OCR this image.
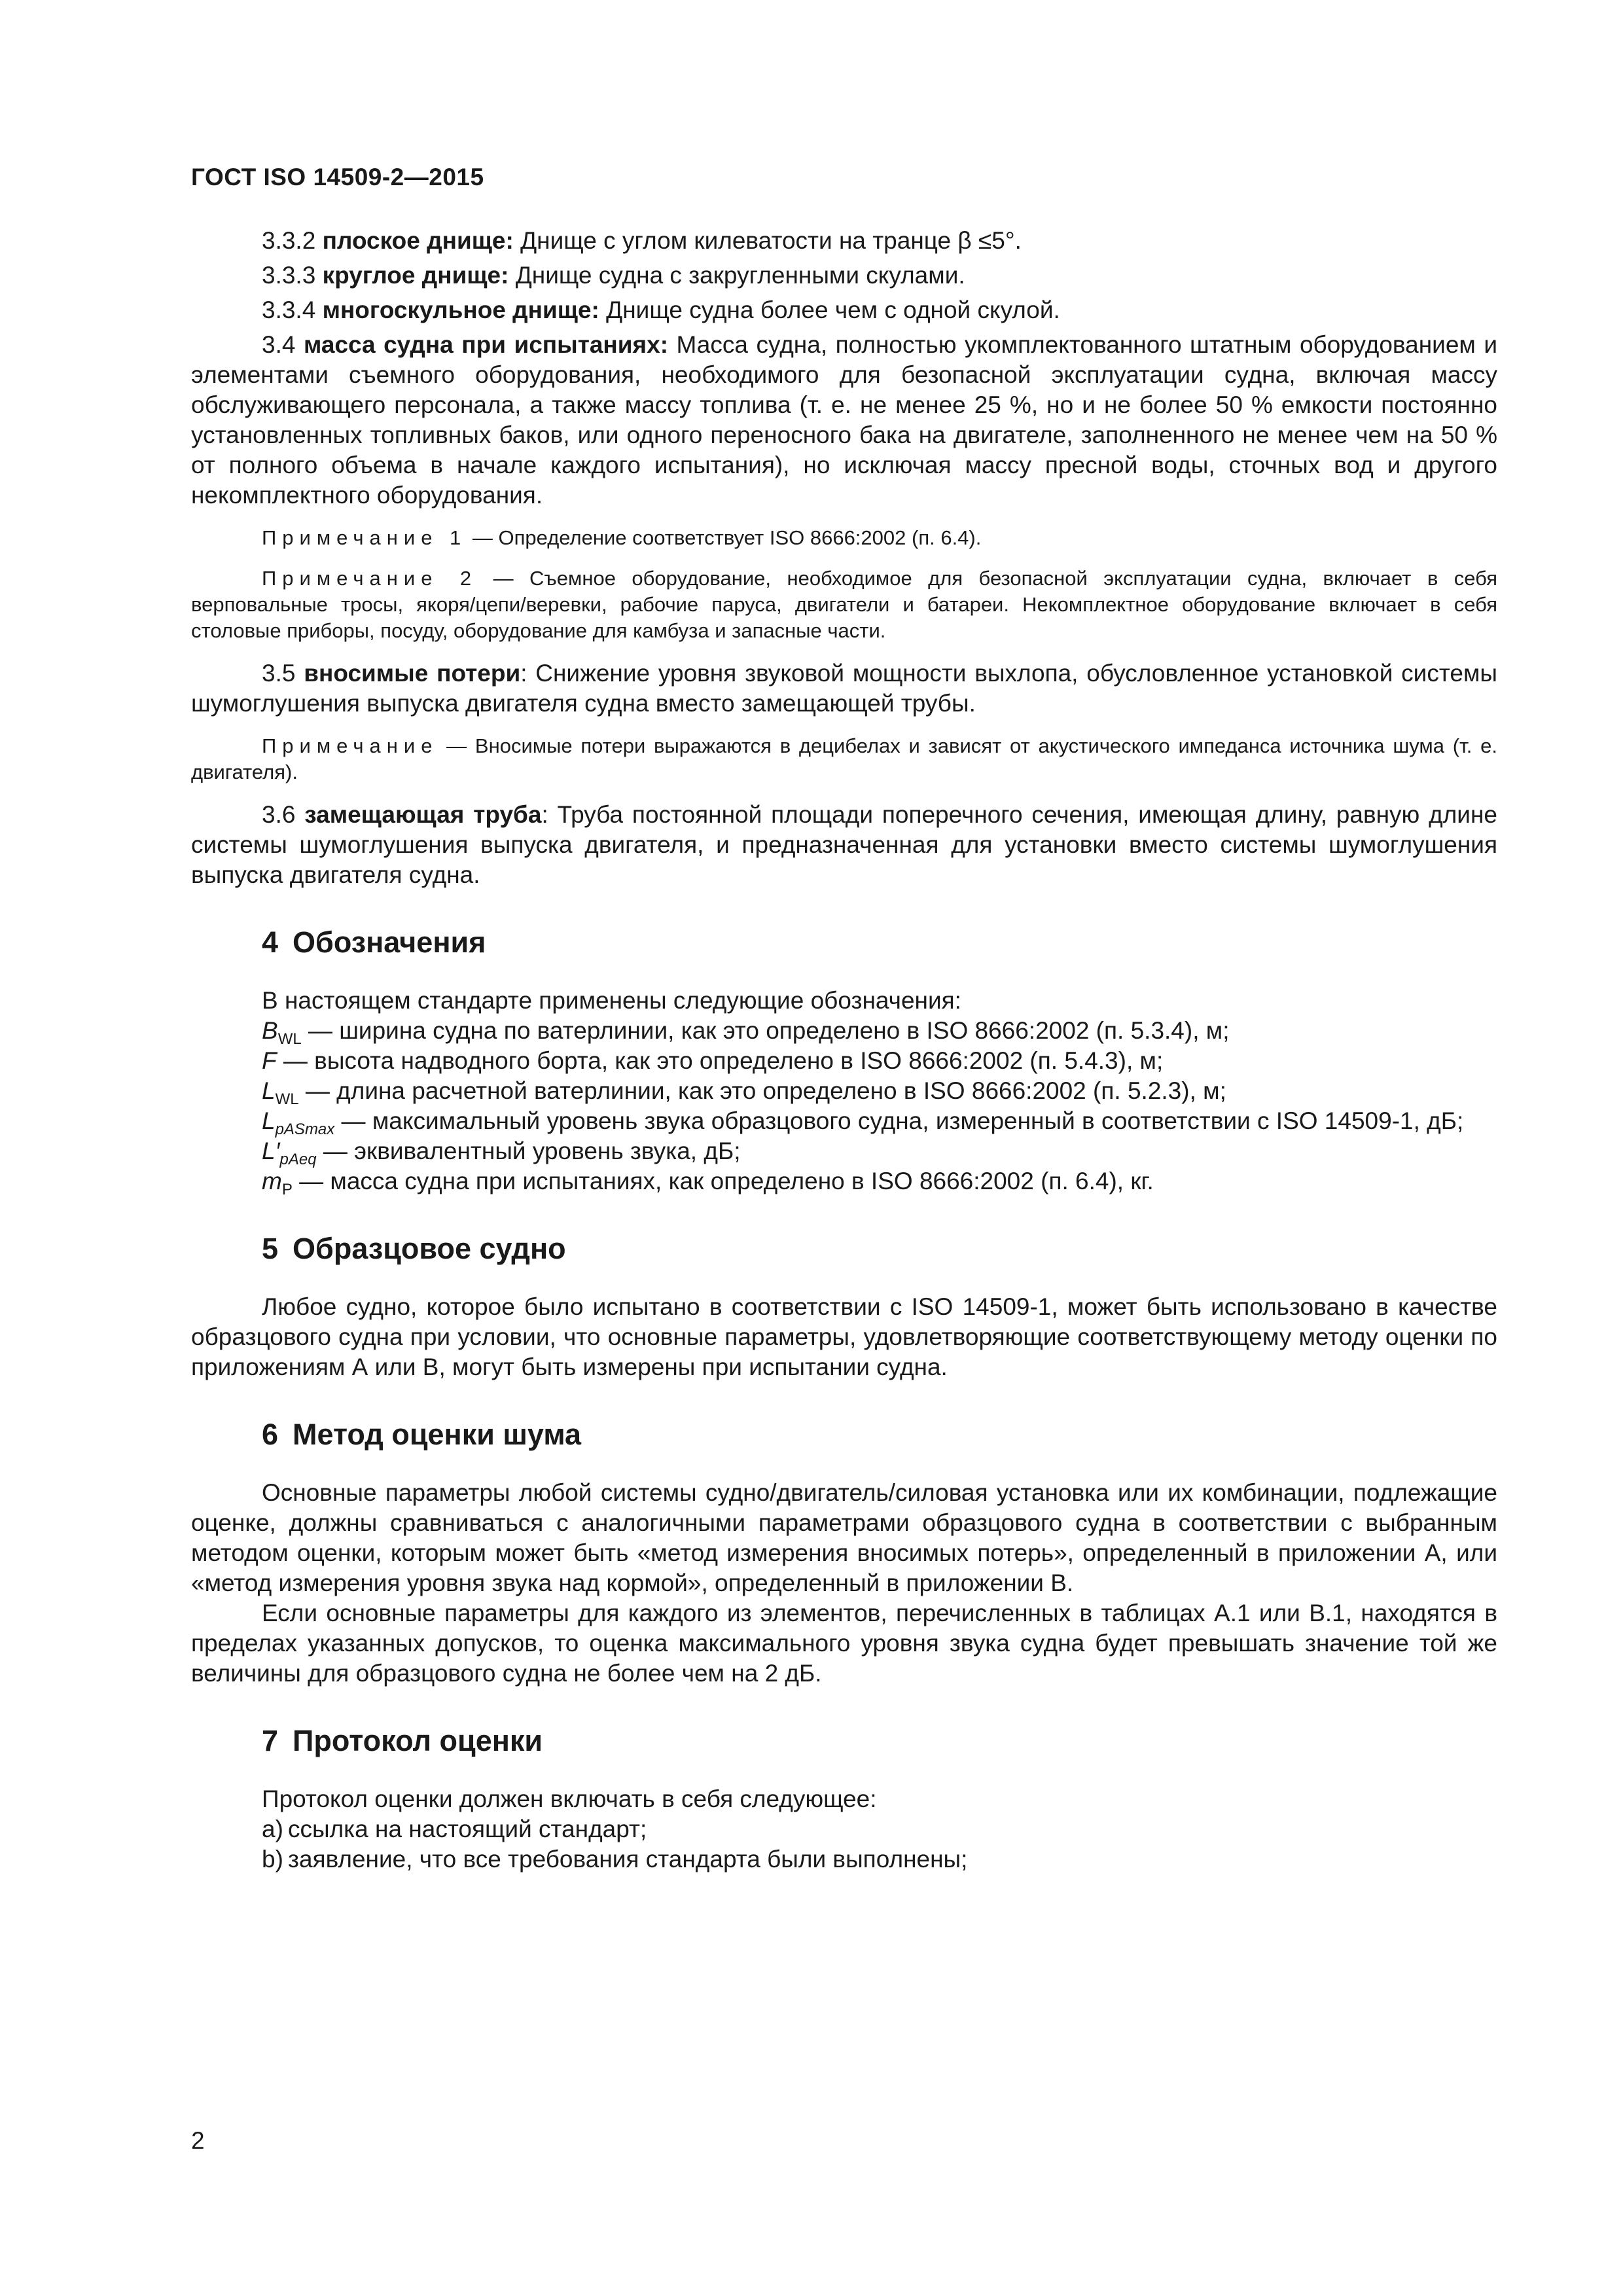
ГОСТ ISO 14509-2—2015

3.3.2 плоское днище: Днище с углом килеватости на транце β ≤5°.

3.3.3 круглое днище: Днище судна с закругленными скулами.

3.3.4 многоскульное днище: Днище судна более чем с одной скулой.

3.4 масса судна при испытаниях: Масса судна, полностью укомплектованного штатным оборудованием и элементами съемного оборудования, необходимого для безопасной эксплуатации судна, включая массу обслуживающего персонала, а также массу топлива (т. е. не менее 25 %, но и не более 50 % емкости постоянно установленных топливных баков, или одного переносного бака на двигателе, заполненного не менее чем на 50 % от полного объема в начале каждого испытания), но исключая массу пресной воды, сточных вод и другого некомплектного оборудования.

Примечание 1 — Определение соответствует ISO 8666:2002 (п. 6.4).

Примечание 2 — Съемное оборудование, необходимое для безопасной эксплуатации судна, включает в себя верповальные тросы, якоря/цепи/веревки, рабочие паруса, двигатели и батареи. Некомплектное оборудование включает в себя столовые приборы, посуду, оборудование для камбуза и запасные части.

3.5 вносимые потери: Снижение уровня звуковой мощности выхлопа, обусловленное установкой системы шумоглушения выпуска двигателя судна вместо замещающей трубы.

Примечание — Вносимые потери выражаются в децибелах и зависят от акустического импеданса источника шума (т. е. двигателя).

3.6 замещающая труба: Труба постоянной площади поперечного сечения, имеющая длину, равную длине системы шумоглушения выпуска двигателя, и предназначенная для установки вместо системы шумоглушения выпуска двигателя судна.

4 Обозначения

В настоящем стандарте применены следующие обозначения:

$B_{WL}$ — ширина судна по ватерлинии, как это определено в ISO 8666:2002 (п. 5.3.4), м;

F — высота надводного борта, как это определено в ISO 8666:2002 (п. 5.4.3), м;

$L_{WL}$ — длина расчетной ватерлинии, как это определено в ISO 8666:2002 (п. 5.2.3), м;

$L_{pASmax}$ — максимальный уровень звука образцового судна, измеренный в соответствии с ISO 14509-1, дБ;

$L'_{pAeq}$ — эквивалентный уровень звука, дБ;

$m_P$ — масса судна при испытаниях, как определено в ISO 8666:2002 (п. 6.4), кг.

5 Образцовое судно

Любое судно, которое было испытано в соответствии с ISO 14509-1, может быть использовано в качестве образцового судна при условии, что основные параметры, удовлетворяющие соответствующему методу оценки по приложениям А или В, могут быть измерены при испытании судна.

6 Метод оценки шума

Основные параметры любой системы судно/двигатель/силовая установка или их комбинации, подлежащие оценке, должны сравниваться с аналогичными параметрами образцового судна в соответствии с выбранным методом оценки, которым может быть «метод измерения вносимых потерь», определенный в приложении А, или «метод измерения уровня звука над кормой», определенный в приложении В.

Если основные параметры для каждого из элементов, перечисленных в таблицах А.1 или В.1, находятся в пределах указанных допусков, то оценка максимального уровня звука судна будет превышать значение той же величины для образцового судна не более чем на 2 дБ.

7 Протокол оценки

Протокол оценки должен включать в себя следующее:

а) ссылка на настоящий стандарт;
b) заявление, что все требования стандарта были выполнены;
2
